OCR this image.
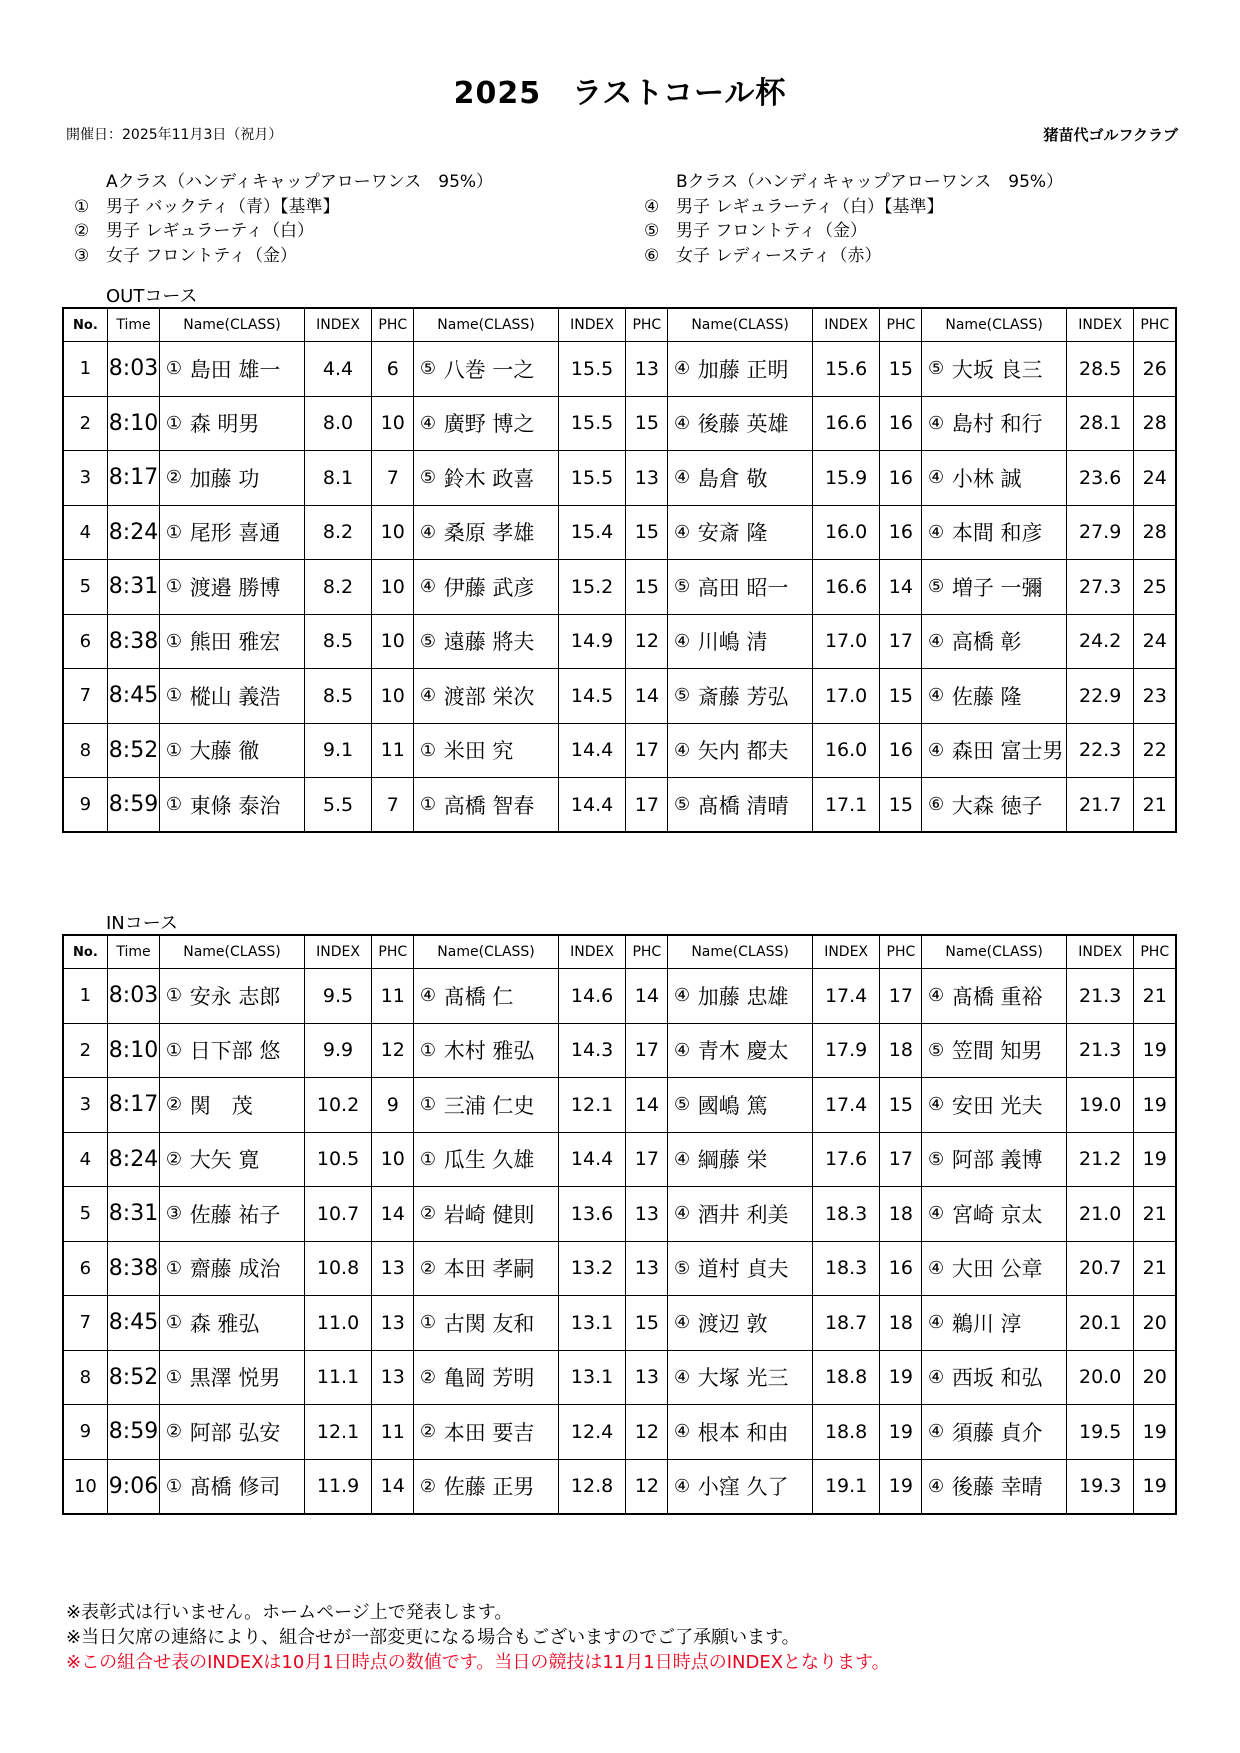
2025　ラストコール杯
開催日：2025年11月3日（祝月）	猪苗代ゴルフクラブ
Aクラス（ハンディキャップアローワンス　95%）
① 男子 バックティ（青）【基準】
② 男子 レギュラーティ（白）
③ 女子 フロントティ（金）
Bクラス（ハンディキャップアローワンス　95%）
④ 男子 レギュラーティ（白）【基準】
⑤ 男子 フロントティ（金）
⑥ 女子 レディースティ（赤）
OUTコース
No.	Time	Name(CLASS)		INDEX	PHC	Name(CLASS)		INDEX	PHC	Name(CLASS)		INDEX	PHC	Name(CLASS)		INDEX	PHC
1	8:03	①	島田 雄一	4.4	6	⑤	八巻 一之	15.5	13	④	加藤 正明	15.6	15	⑤	大坂 良三	28.5	26
2	8:10	①	森 明男	8.0	10	④	廣野 博之	15.5	15	④	後藤 英雄	16.6	16	④	島村 和行	28.1	28
3	8:17	②	加藤 功	8.1	7	⑤	鈴木 政喜	15.5	13	④	島倉 敬	15.9	16	④	小林 誠	23.6	24
4	8:24	①	尾形 喜通	8.2	10	④	桑原 孝雄	15.4	15	④	安斎 隆	16.0	16	④	本間 和彦	27.9	28
5	8:31	①	渡邉 勝博	8.2	10	④	伊藤 武彦	15.2	15	⑤	高田 昭一	16.6	14	⑤	増子 一彌	27.3	25
6	8:38	①	熊田 雅宏	8.5	10	⑤	遠藤 將夫	14.9	12	④	川嶋 清	17.0	17	④	高橋 彰	24.2	24
7	8:45	①	樅山 義浩	8.5	10	④	渡部 栄次	14.5	14	⑤	斎藤 芳弘	17.0	15	④	佐藤 隆	22.9	23
8	8:52	①	大藤 徹	9.1	11	①	米田 究	14.4	17	④	矢内 都夫	16.0	16	④	森田 富士男	22.3	22
9	8:59	①	東條 泰治	5.5	7	①	高橋 智春	14.4	17	⑤	髙橋 清晴	17.1	15	⑥	大森 徳子	21.7	21
INコース
No.	Time	Name(CLASS)		INDEX	PHC	Name(CLASS)		INDEX	PHC	Name(CLASS)		INDEX	PHC	Name(CLASS)		INDEX	PHC
1	8:03	①	安永 志郎	9.5	11	④	髙橋 仁	14.6	14	④	加藤 忠雄	17.4	17	④	髙橋 重裕	21.3	21
2	8:10	①	日下部 悠	9.9	12	①	木村 雅弘	14.3	17	④	青木 慶太	17.9	18	⑤	笠間 知男	21.3	19
3	8:17	②	関　茂	10.2	9	①	三浦 仁史	12.1	14	⑤	國嶋 篤	17.4	15	④	安田 光夫	19.0	19
4	8:24	②	大矢 寛	10.5	10	①	瓜生 久雄	14.4	17	④	綱藤 栄	17.6	17	⑤	阿部 義博	21.2	19
5	8:31	③	佐藤 祐子	10.7	14	②	岩崎 健則	13.6	13	④	酒井 利美	18.3	18	④	宮崎 京太	21.0	21
6	8:38	①	齋藤 成治	10.8	13	②	本田 孝嗣	13.2	13	⑤	道村 貞夫	18.3	16	④	大田 公章	20.7	21
7	8:45	①	森 雅弘	11.0	13	①	古関 友和	13.1	15	④	渡辺 敦	18.7	18	④	鵜川 淳	20.1	20
8	8:52	①	黒澤 悦男	11.1	13	②	亀岡 芳明	13.1	13	④	大塚 光三	18.8	19	④	西坂 和弘	20.0	20
9	8:59	②	阿部 弘安	12.1	11	②	本田 要吉	12.4	12	④	根本 和由	18.8	19	④	須藤 貞介	19.5	19
10	9:06	①	髙橋 修司	11.9	14	②	佐藤 正男	12.8	12	④	小窪 久了	19.1	19	④	後藤 幸晴	19.3	19
※表彰式は行いません。ホームページ上で発表します。
※当日欠席の連絡により、組合せが一部変更になる場合もございますのでご了承願います。
※この組合せ表のINDEXは10月1日時点の数値です。当日の競技は11月1日時点のINDEXとなります。
